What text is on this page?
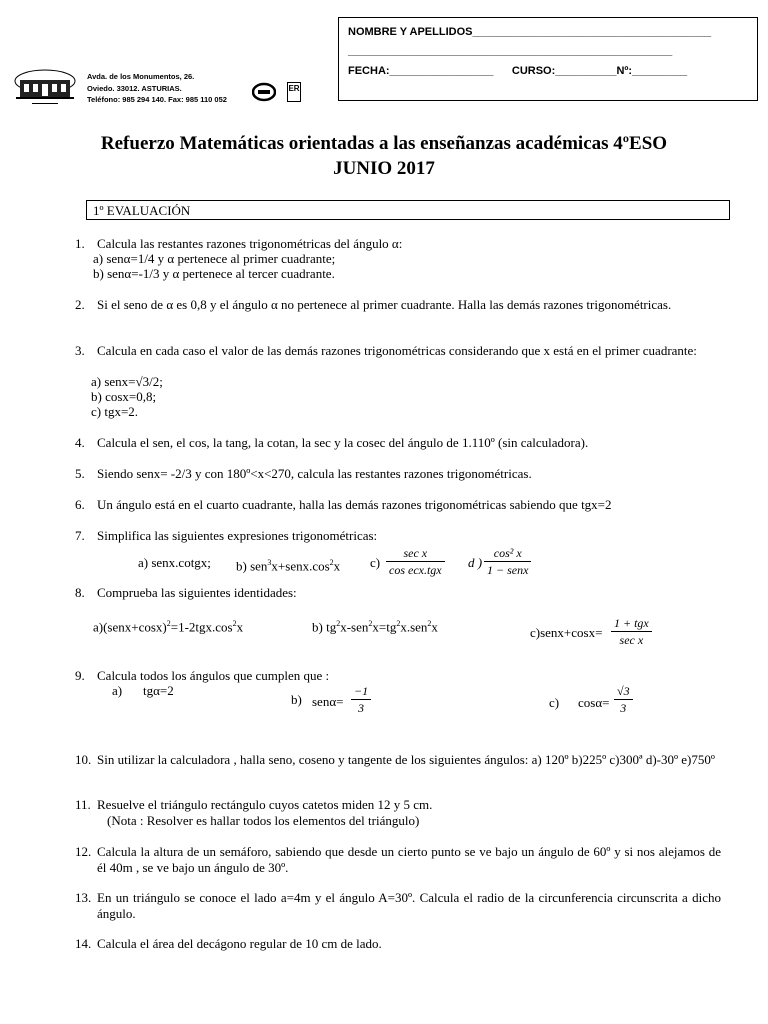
Avda. de los Monumentos, 26.
Oviedo. 33012. ASTURIAS.
Teléfono: 985 294 140. Fax: 985 110 052
ER
NOMBRE Y APELLIDOS_______________________________________
_____________________________________________________
FECHA:_________________      CURSO:__________Nº:_________
Refuerzo Matemáticas orientadas a las enseñanzas académicas 4ºESO
JUNIO 2017
1º EVALUACIÓN
1. Calcula las restantes razones trigonométricas del ángulo α:
a) senα=1/4 y α pertenece al primer cuadrante;
b) senα=-1/3 y α pertenece al tercer cuadrante.
2. Si el seno de α es 0,8 y el ángulo α no pertenece al primer cuadrante. Halla las demás razones trigonométricas.
3. Calcula en cada caso el valor de las demás razones trigonométricas considerando que x está en el primer cuadrante:
a) senx=√3/2;
b) cosx=0,8;
c) tgx=2.
4. Calcula el sen, el cos, la tang, la cotan, la sec y la cosec del ángulo de 1.110º (sin calculadora).
5. Siendo senx= -2/3 y con 180º<x<270, calcula las restantes razones trigonométricas.
6. Un ángulo está en el cuarto cuadrante, halla las demás razones trigonométricas sabiendo que tgx=2
7. Simplifica las siguientes expresiones trigonométricas:
a) senx.cotgx; b) $sen^3x+senx.\cos^2x$ c)
sec x
cos ecx.tgx d )
cos² x
1 − senx
8. Comprueba las siguientes identidades:
$a)(senx+\cos x)^2=1-2tgx.\cos^2x$	b) $tg^2x-sen^2x=tg^2x.sen^2x$	c)senx+cosx=
1 + tgx
sec x
9. Calcula todos los ángulos que cumplen que :
a) tgα=2
b) $sen\alpha= \frac{-1}{3}$	c) $\cos\alpha= \frac{√3}{3}$
10. Sin utilizar la calculadora , halla seno, coseno y tangente de los siguientes ángulos: a) 120º b)225º c)300ª d)-30º e)750º
11. Resuelve el triángulo rectángulo cuyos catetos miden 12 y 5 cm.
(Nota : Resolver es hallar todos los elementos del triángulo)
12. Calcula la altura de un semáforo, sabiendo que desde un cierto punto se ve bajo un ángulo de 60º y si nos alejamos de él 40m , se ve bajo un ángulo de 30º.
13. En un triángulo se conoce el lado a=4m y el ángulo A=30º. Calcula el radio de la circunferencia circunscrita a dicho ángulo.
14. Calcula el área del decágono regular de 10 cm de lado.
